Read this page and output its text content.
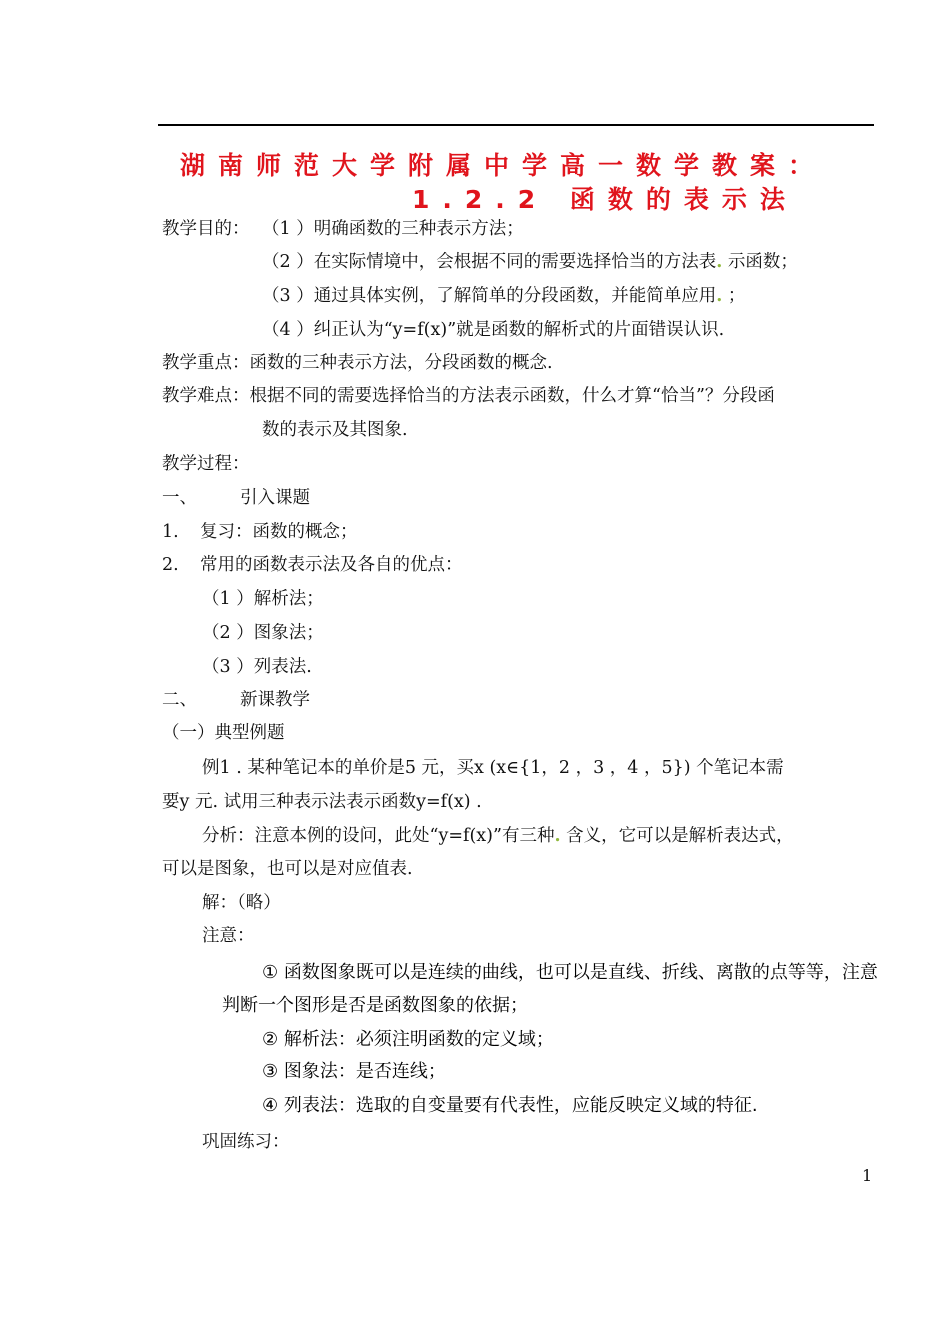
湖南师范大学附属中学高一数学教案：
1.2.2 函数的表示法
教学目的： （1 ）明确函数的三种表示方法；
（2 ）在实际情境中，会根据不同的需要选择恰当的方法表. 示函数；
（3 ）通过具体实例，了解简单的分段函数，并能简单应用. ；
（4 ）纠正认为“y=f(x)”就是函数的解析式的片面错误认识.
教学重点：函数的三种表示方法，分段函数的概念.
教学难点：根据不同的需要选择恰当的方法表示函数，什么才算“恰当”？分段函
数的表示及其图象.
教学过程：
一、 引入课题
1. 复习：函数的概念；
2. 常用的函数表示法及各自的优点：
（1 ）解析法；
（2 ）图象法；
（3 ）列表法.
二、 新课教学
（一）典型例题
例1 . 某种笔记本的单价是5 元，买x (x∈{1，2 ，3 ，4 ，5}) 个笔记本需
要y 元. 试用三种表示法表示函数y=f(x) .
分析：注意本例的设问，此处“y=f(x)”有三种. 含义，它可以是解析表达式，
可以是图象，也可以是对应值表.
解：（略）
注意：
① 函数图象既可以是连续的曲线，也可以是直线、折线、离散的点等等，注意
判断一个图形是否是函数图象的依据；
② 解析法：必须注明函数的定义域；
③ 图象法：是否连线；
④ 列表法：选取的自变量要有代表性，应能反映定义域的特征.
巩固练习：
1
